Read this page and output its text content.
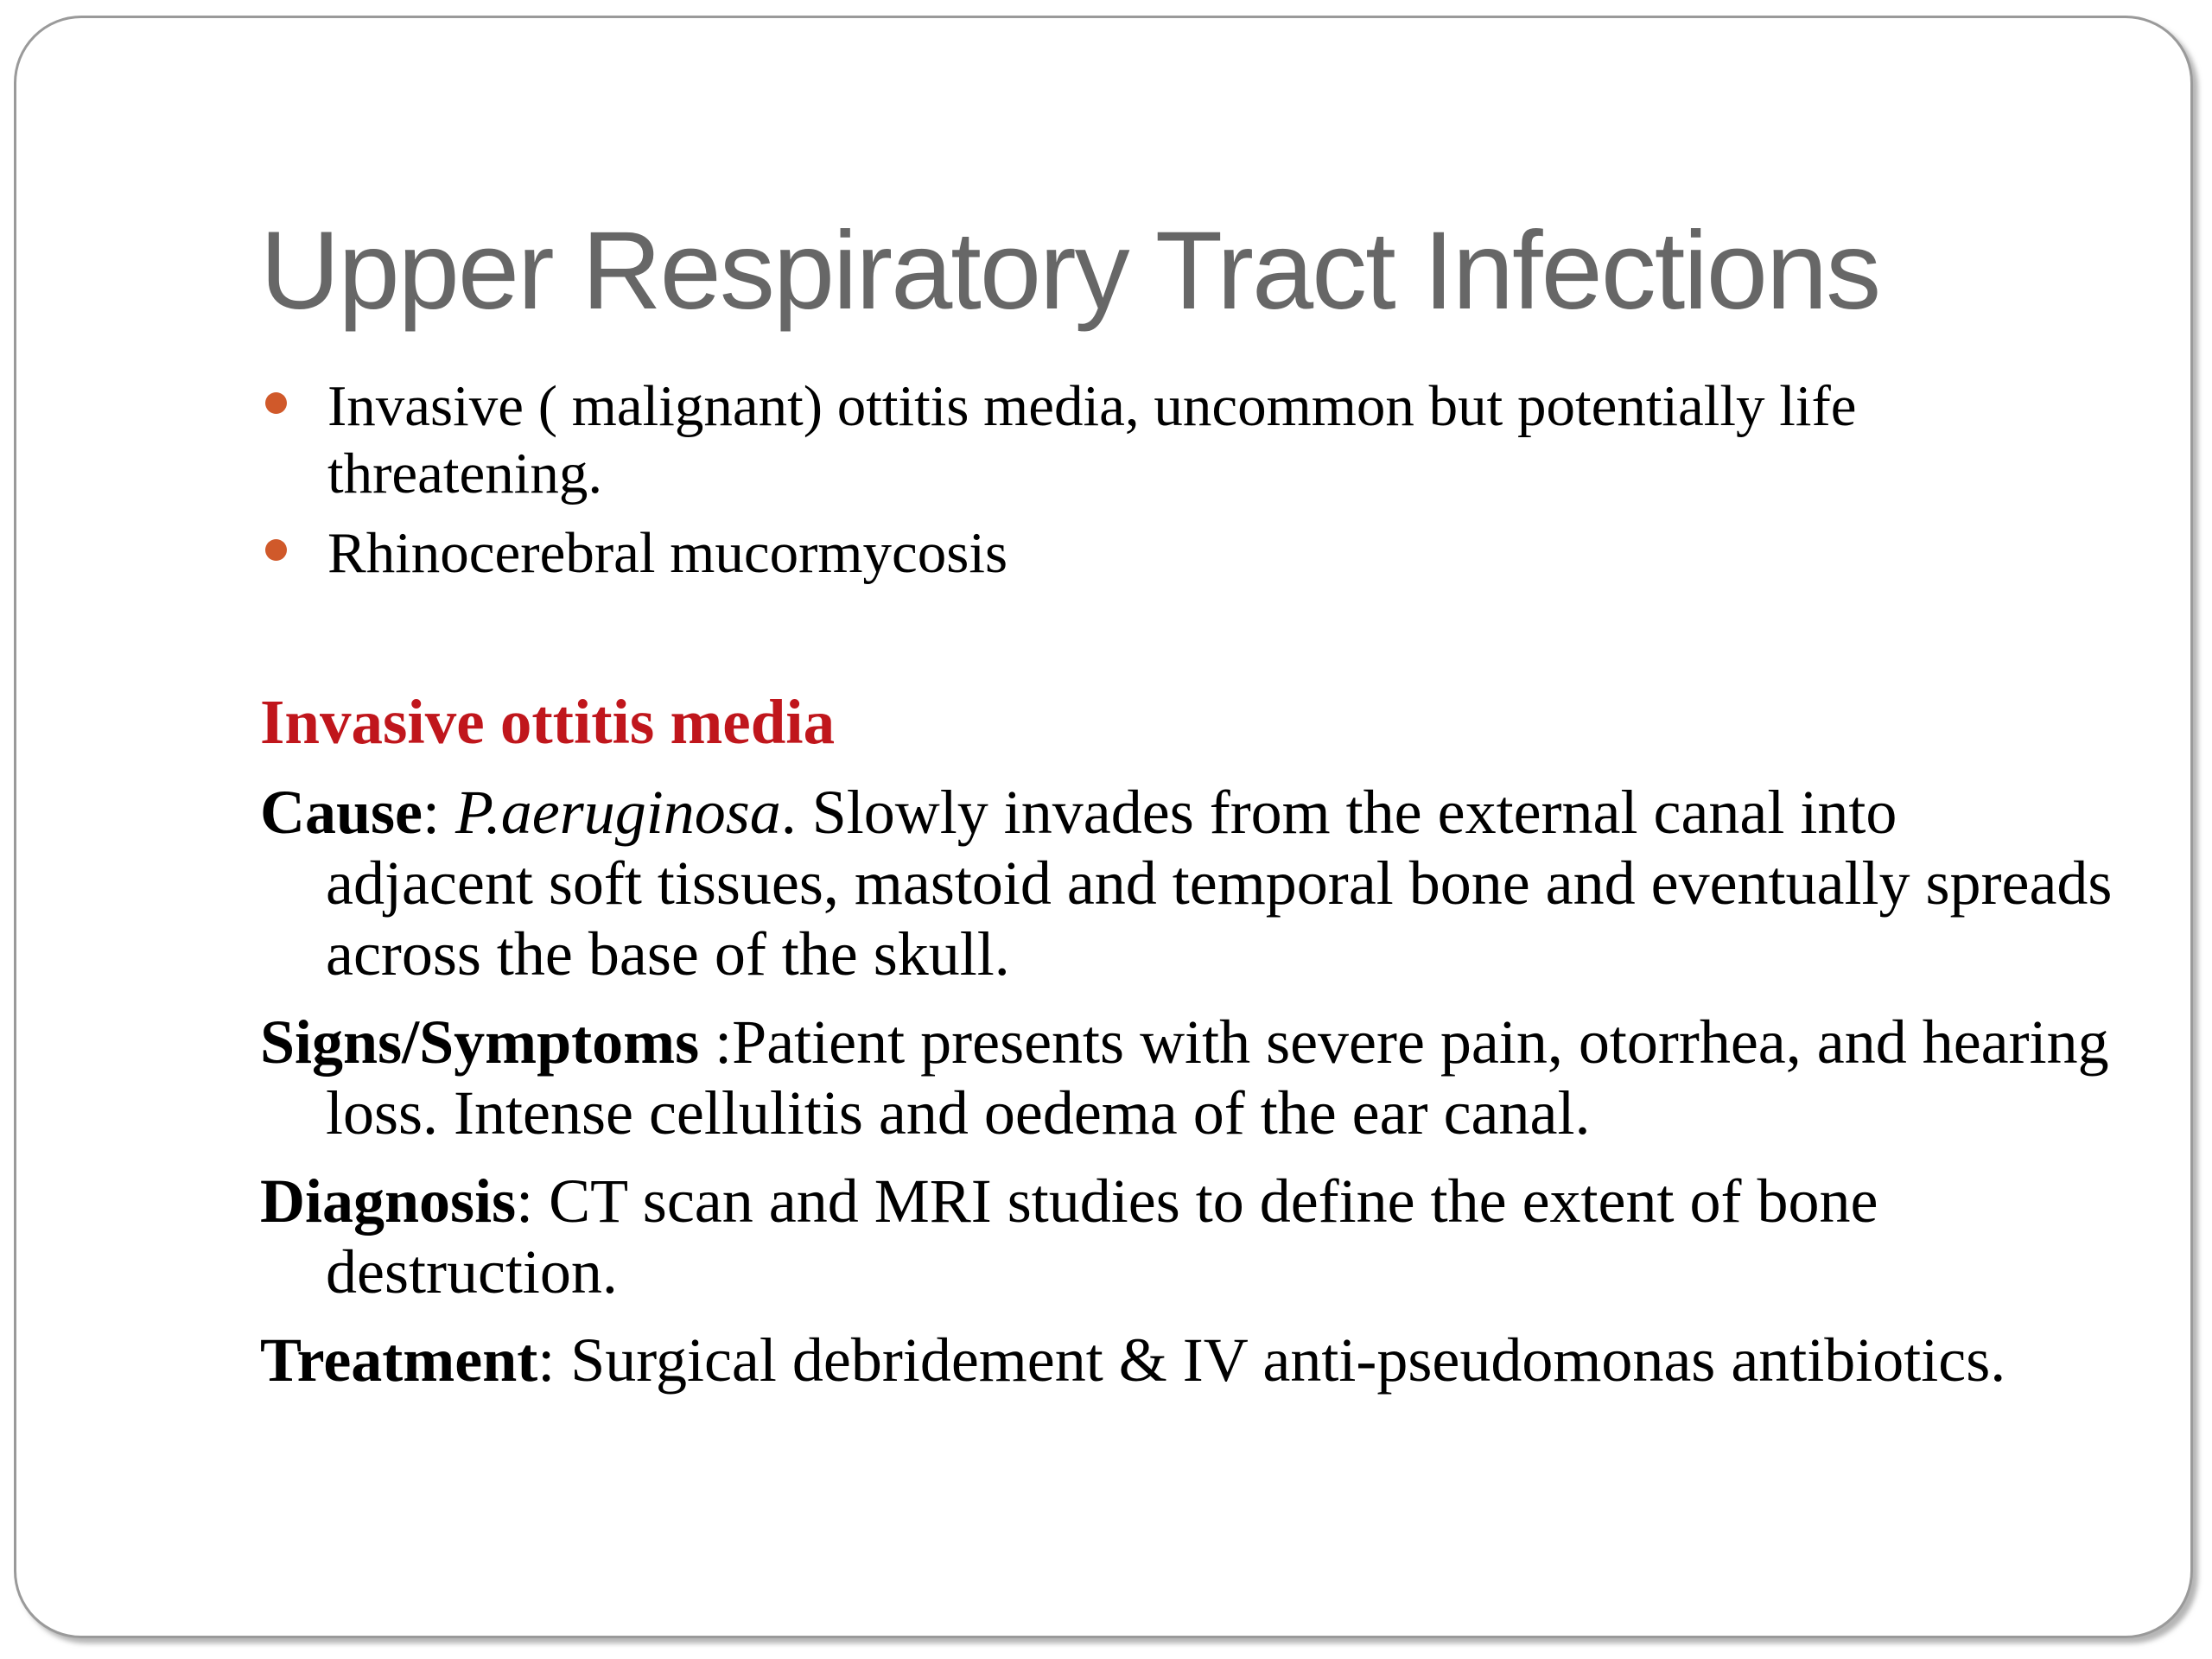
Upper Respiratory Tract Infections
Invasive ( malignant) ottitis media, uncommon but potentially life threatening.
Rhinocerebral mucormycosis
Invasive ottitis media

Cause: P.aeruginosa. Slowly invades from the external canal into adjacent soft tissues, mastoid and temporal bone and eventually spreads across the base of the skull.

Signs/Symptoms :Patient presents with severe pain, otorrhea, and hearing loss. Intense cellulitis and oedema of the ear canal.

Diagnosis: CT scan and MRI studies to define the extent of bone destruction.

Treatment: Surgical debridement & IV anti-pseudomonas antibiotics.
